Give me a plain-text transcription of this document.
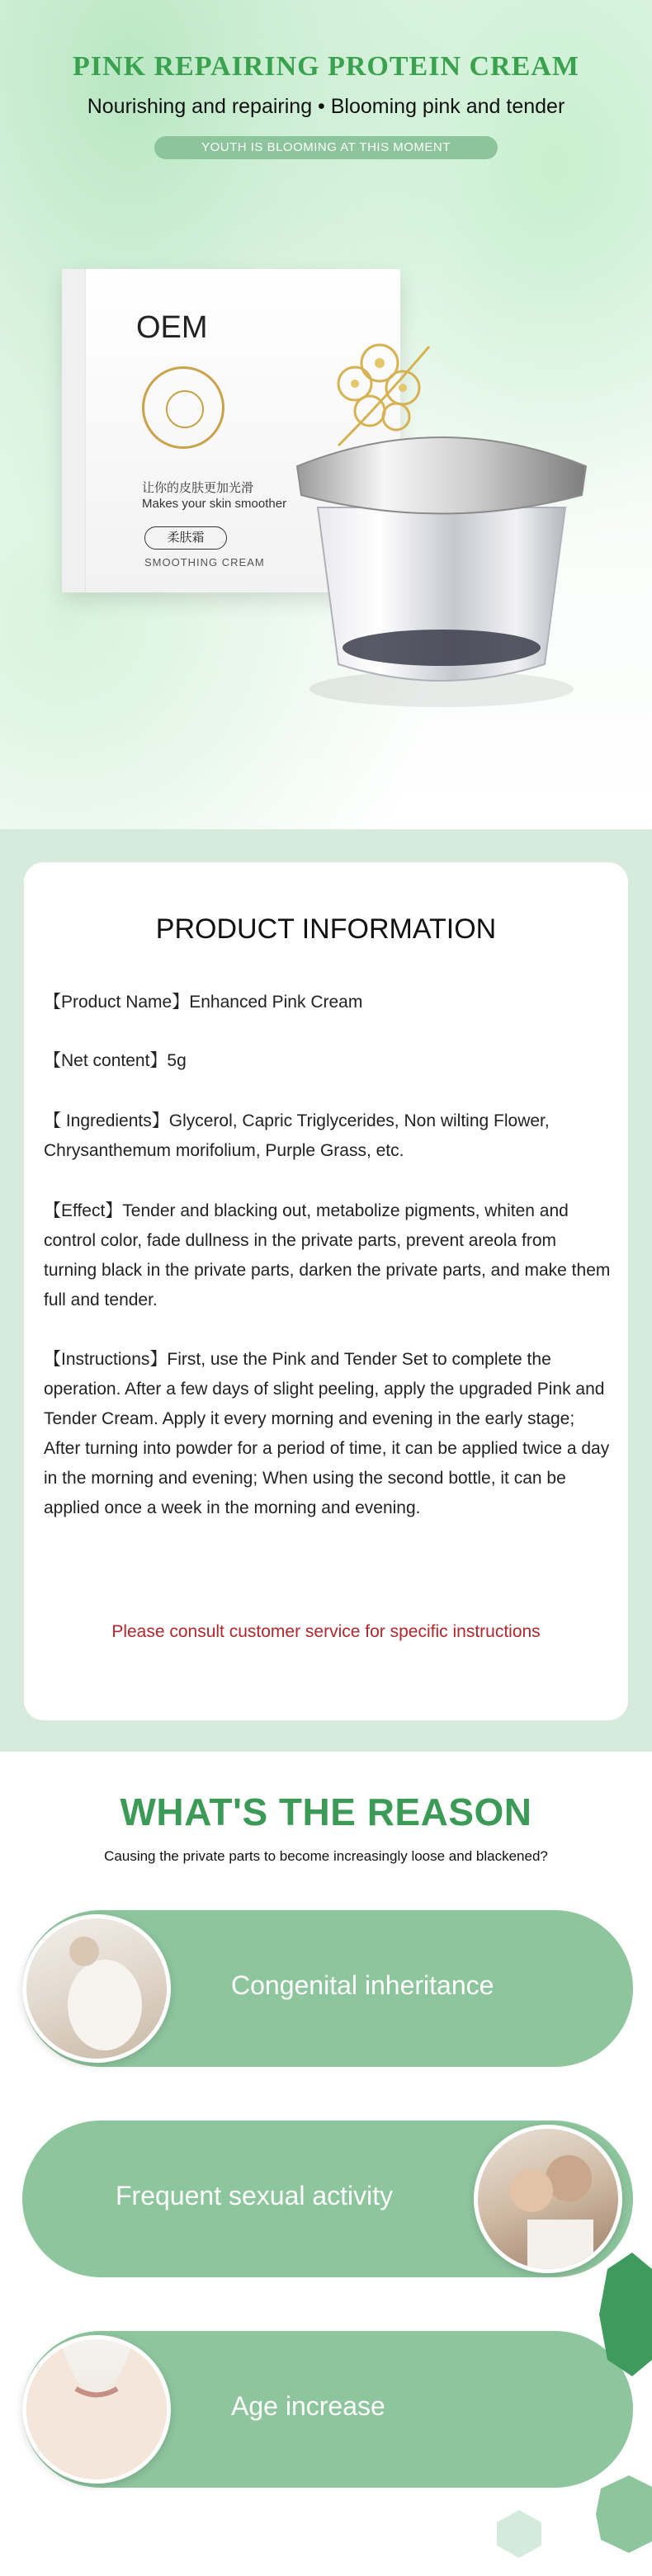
PINK REPAIRING PROTEIN CREAM
Nourishing and repairing • Blooming pink and tender
YOUTH IS BLOOMING AT THIS MOMENT
OEM
让你的皮肤更加光滑
Makes your skin smoother
柔肤霜
SMOOTHING CREAM
PRODUCT INFORMATION

【Product Name】Enhanced Pink Cream

【Net content】5g

【 Ingredients】Glycerol, Capric Triglycerides, Non wilting Flower, Chrysanthemum morifolium, Purple Grass, etc.

【Effect】Tender and blacking out, metabolize pigments, whiten and control color, fade dullness in the private parts, prevent areola from turning black in the private parts, darken the private parts, and make them full and tender.

【Instructions】First, use the Pink and Tender Set to complete the operation. After a few days of slight peeling, apply the upgraded Pink and Tender Cream. Apply it every morning and evening in the early stage; After turning into powder for a period of time, it can be applied twice a day in the morning and evening; When using the second bottle, it can be applied once a week in the morning and evening.

Please consult customer service for specific instructions
WHAT'S THE REASON
Causing the private parts to become increasingly loose and blackened?
Congenital inheritance
Frequent sexual activity
Age increase
